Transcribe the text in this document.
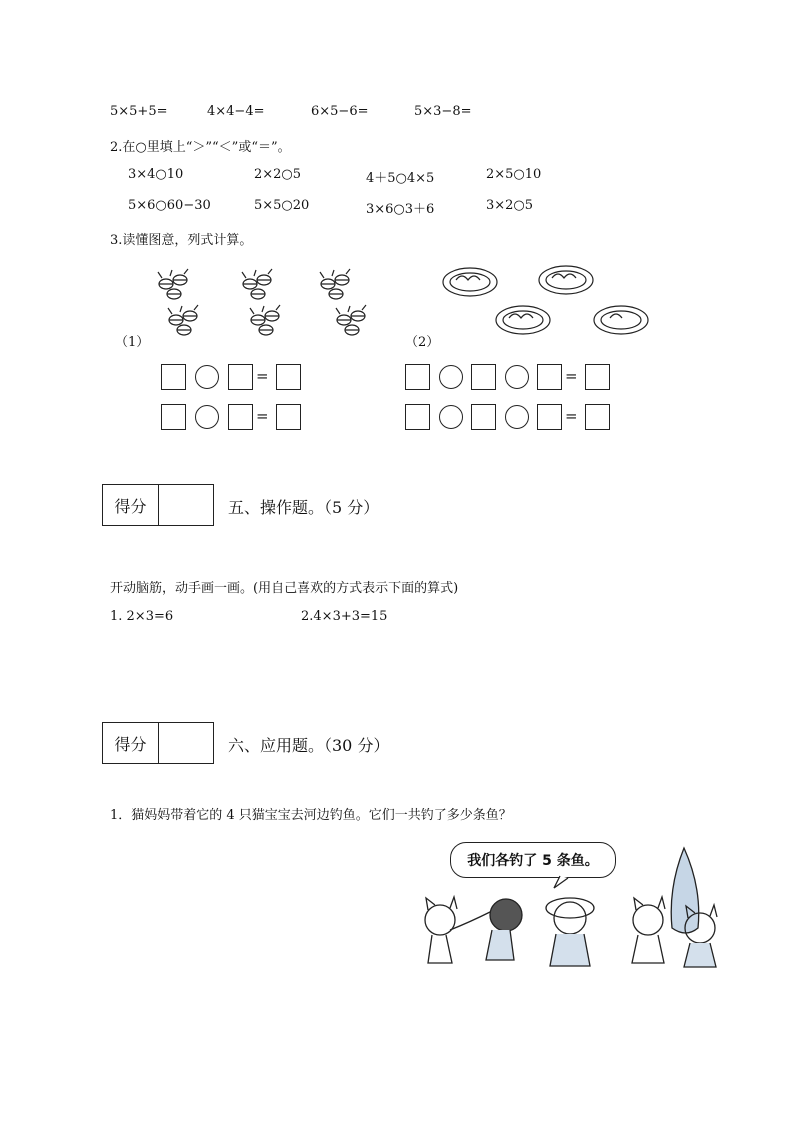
5×5+5=	4×4−4=	6×5−6=	5×3−8=
2.在○里填上“＞”“＜”或“＝”。
3×4○10	2×2○5	4＋5○4×5	2×5○10
5×6○60−30	5×5○20	3×6○3＋6	3×2○5
3.读懂图意，列式计算。
（1）	（2）
=
=
=
=
得分	五、操作题。（5 分）
开动脑筋，动手画一画。(用自己喜欢的方式表示下面的算式)
1. 2×3=6	2.4×3+3=15
得分	六、应用题。（30 分）
1．猫妈妈带着它的 4 只猫宝宝去河边钓鱼。它们一共钓了多少条鱼？
我们各钓了 5 条鱼。
